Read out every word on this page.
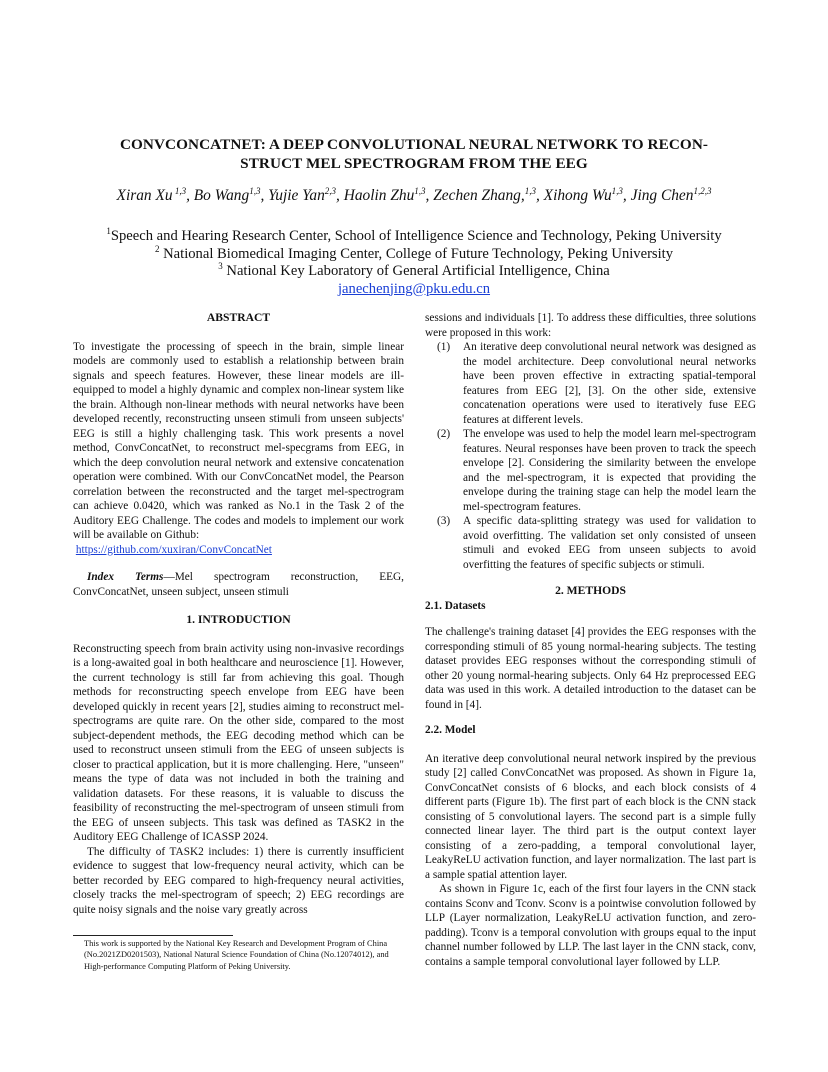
CONVCONCATNET: A DEEP CONVOLUTIONAL NEURAL NETWORK TO RECON-
STRUCT MEL SPECTROGRAM FROM THE EEG
Xiran Xu $^{1,3}$, Bo Wang$^{1,3}$, Yujie Yan$^{2,3}$, Haolin Zhu$^{1,3}$, Zechen Zhang,$^{1,3}$, Xihong Wu$^{1,3}$, Jing Chen$^{1,2,3}$
$^1$Speech and Hearing Research Center, School of Intelligence Science and Technology, Peking University
$^2$ National Biomedical Imaging Center, College of Future Technology, Peking University
$^3$ National Key Laboratory of General Artificial Intelligence, China
janechenjing@pku.edu.cn

ABSTRACT

To investigate the processing of speech in the brain, simple linear models are commonly used to establish a relationship between brain signals and speech features. However, these linear models are ill-equipped to model a highly dynamic and complex non-linear system like the brain. Although non-linear methods with neural networks have been developed recently, reconstructing unseen stimuli from unseen subjects' EEG is still a highly challenging task. This work presents a novel method, ConvConcatNet, to reconstruct mel-specgrams from EEG, in which the deep convolution neural network and extensive concatenation operation were combined. With our ConvConcatNet model, the Pearson correlation between the reconstructed and the target mel-spectrogram can achieve 0.0420, which was ranked as No.1 in the Task 2 of the Auditory EEG Challenge. The codes and models to implement our work will be available on Github:

https://github.com/xuxiran/ConvConcatNet

Index Terms—Mel spectrogram reconstruction, EEG, ConvConcatNet, unseen subject, unseen stimuli

1. INTRODUCTION

Reconstructing speech from brain activity using non-invasive recordings is a long-awaited goal in both healthcare and neuroscience [1]. However, the current technology is still far from achieving this goal. Though methods for reconstructing speech envelope from EEG have been developed quickly in recent years [2], studies aiming to reconstruct mel-spectrograms are quite rare. On the other side, compared to the most subject-dependent methods, the EEG decoding method which can be used to reconstruct unseen stimuli from the EEG of unseen subjects is closer to practical application, but it is more challenging. Here, "unseen" means the type of data was not included in both the training and validation datasets. For these reasons, it is valuable to discuss the feasibility of reconstructing the mel-spectrogram of unseen stimuli from the EEG of unseen subjects. This task was defined as TASK2 in the Auditory EEG Challenge of ICASSP 2024.

The difficulty of TASK2 includes: 1) there is currently insufficient evidence to suggest that low-frequency neural activity, which can be better recorded by EEG compared to high-frequency neural activities, closely tracks the mel-spectrogram of speech; 2) EEG recordings are quite noisy signals and the noise vary greatly across

This work is supported by the National Key Research and Development Program of China (No.2021ZD0201503), National Natural Science Foundation of China (No.12074012), and High-performance Computing Platform of Peking University.

sessions and individuals [1]. To address these difficulties, three solutions were proposed in this work:

(1)	An iterative deep convolutional neural network was designed as the model architecture. Deep convolutional neural networks have been proven effective in extracting spatial-temporal features from EEG [2], [3]. On the other side, extensive concatenation operations were used to iteratively fuse EEG features at different levels.
(2)	The envelope was used to help the model learn mel-spectrogram features. Neural responses have been proven to track the speech envelope [2]. Considering the similarity between the envelope and the mel-spectrogram, it is expected that providing the envelope during the training stage can help the model learn the mel-spectrogram features.
(3)	A specific data-splitting strategy was used for validation to avoid overfitting. The validation set only consisted of unseen stimuli and evoked EEG from unseen subjects to avoid overfitting the features of specific subjects or stimuli.

2. METHODS

2.1. Datasets

The challenge's training dataset [4] provides the EEG responses with the corresponding stimuli of 85 young normal-hearing subjects. The testing dataset provides EEG responses without the corresponding stimuli of other 20 young normal-hearing subjects. Only 64 Hz preprocessed EEG data was used in this work. A detailed introduction to the dataset can be found in [4].

2.2. Model

An iterative deep convolutional neural network inspired by the previous study [2] called ConvConcatNet was proposed. As shown in Figure 1a, ConvConcatNet consists of 6 blocks, and each block consists of 4 different parts (Figure 1b). The first part of each block is the CNN stack consisting of 5 convolutional layers. The second part is a simple fully connected linear layer. The third part is the output context layer consisting of a zero-padding, a temporal convolutional layer, LeakyReLU activation function, and layer normalization. The last part is a sample spatial attention layer.

As shown in Figure 1c, each of the first four layers in the CNN stack contains Sconv and Tconv. Sconv is a pointwise convolution followed by LLP (Layer normalization, LeakyReLU activation function, and zero-padding). Tconv is a temporal convolution with groups equal to the input channel number followed by LLP. The last layer in the CNN stack, conv, contains a sample temporal convolutional layer followed by LLP.
